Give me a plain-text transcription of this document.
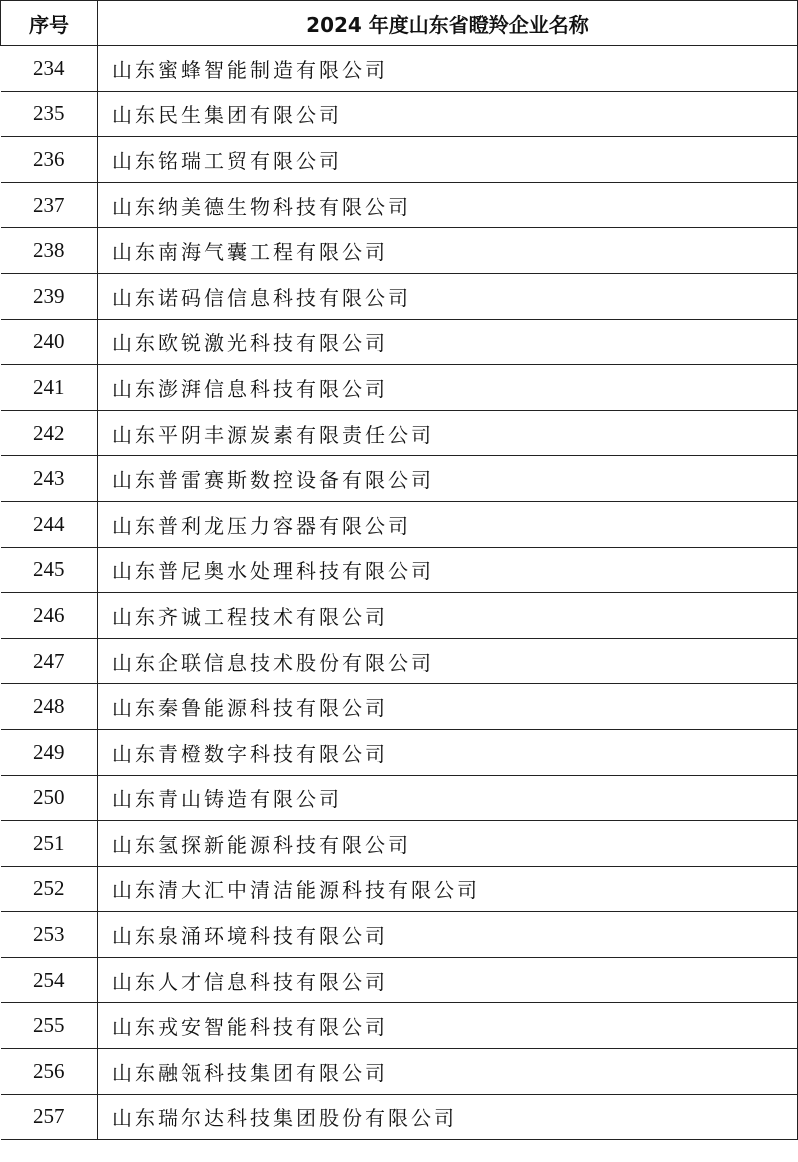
序号	2024 年度山东省瞪羚企业名称
234	山东蜜蜂智能制造有限公司
235	山东民生集团有限公司
236	山东铭瑞工贸有限公司
237	山东纳美德生物科技有限公司
238	山东南海气囊工程有限公司
239	山东诺码信信息科技有限公司
240	山东欧锐激光科技有限公司
241	山东澎湃信息科技有限公司
242	山东平阴丰源炭素有限责任公司
243	山东普雷赛斯数控设备有限公司
244	山东普利龙压力容器有限公司
245	山东普尼奥水处理科技有限公司
246	山东齐诚工程技术有限公司
247	山东企联信息技术股份有限公司
248	山东秦鲁能源科技有限公司
249	山东青橙数字科技有限公司
250	山东青山铸造有限公司
251	山东氢探新能源科技有限公司
252	山东清大汇中清洁能源科技有限公司
253	山东泉涌环境科技有限公司
254	山东人才信息科技有限公司
255	山东戎安智能科技有限公司
256	山东融瓴科技集团有限公司
257	山东瑞尔达科技集团股份有限公司
